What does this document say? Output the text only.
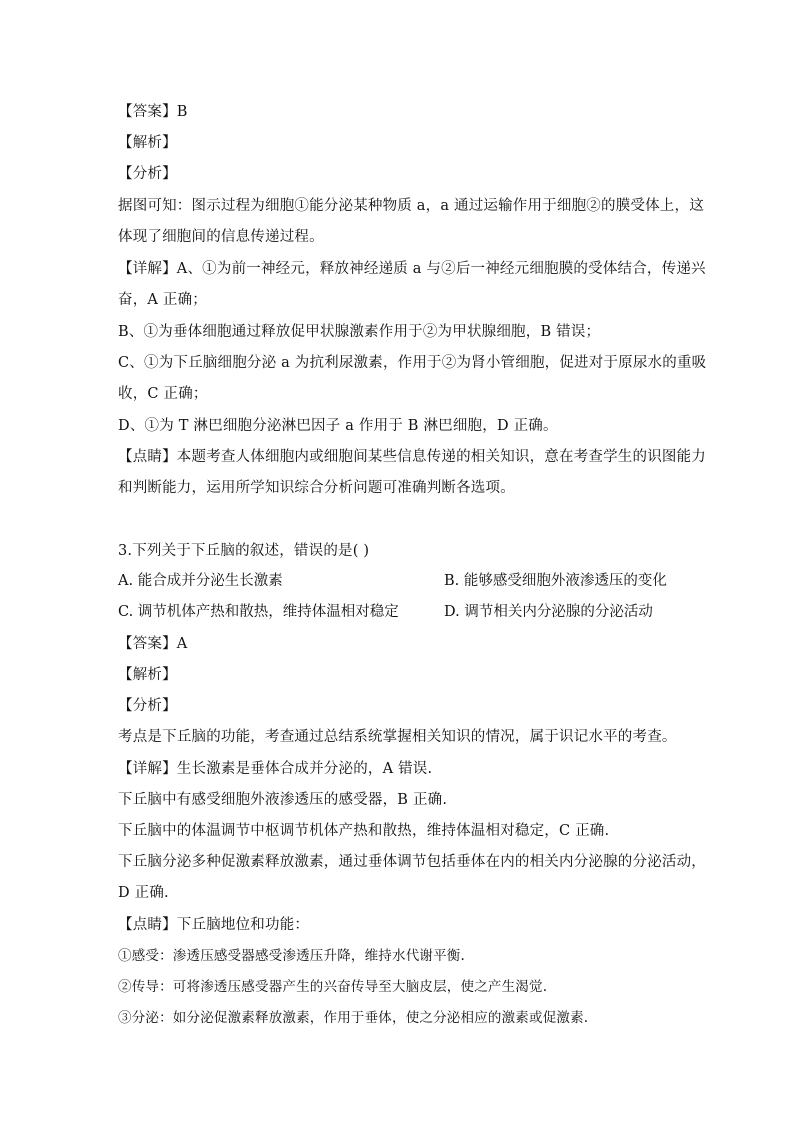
【答案】B
【解析】
【分析】
据图可知：图示过程为细胞①能分泌某种物质 a，a 通过运输作用于细胞②的膜受体上，这
体现了细胞间的信息传递过程。
【详解】A、①为前一神经元，释放神经递质 a 与②后一神经元细胞膜的受体结合，传递兴
奋，A 正确；
B、①为垂体细胞通过释放促甲状腺激素作用于②为甲状腺细胞，B 错误；
C、①为下丘脑细胞分泌 a 为抗利尿激素，作用于②为肾小管细胞，促进对于原尿水的重吸
收，C 正确；
D、①为 T 淋巴细胞分泌淋巴因子 a 作用于 B 淋巴细胞，D 正确。
【点睛】本题考查人体细胞内或细胞间某些信息传递的相关知识，意在考查学生的识图能力
和判断能力，运用所学知识综合分析问题可准确判断各选项。
3.下列关于下丘脑的叙述，错误的是( )
A. 能合成并分泌生长激素	B. 能够感受细胞外液渗透压的变化
C. 调节机体产热和散热，维持体温相对稳定	D. 调节相关内分泌腺的分泌活动
【答案】A
【解析】
【分析】
考点是下丘脑的功能，考查通过总结系统掌握相关知识的情况，属于识记水平的考查。
【详解】生长激素是垂体合成并分泌的，A 错误.
下丘脑中有感受细胞外液渗透压的感受器，B 正确.
下丘脑中的体温调节中枢调节机体产热和散热，维持体温相对稳定，C 正确.
下丘脑分泌多种促激素释放激素，通过垂体调节包括垂体在内的相关内分泌腺的分泌活动，
D 正确.
【点睛】下丘脑地位和功能：
①感受：渗透压感受器感受渗透压升降，维持水代谢平衡.
②传导：可将渗透压感受器产生的兴奋传导至大脑皮层，使之产生渴觉.
③分泌：如分泌促激素释放激素，作用于垂体，使之分泌相应的激素或促激素.
